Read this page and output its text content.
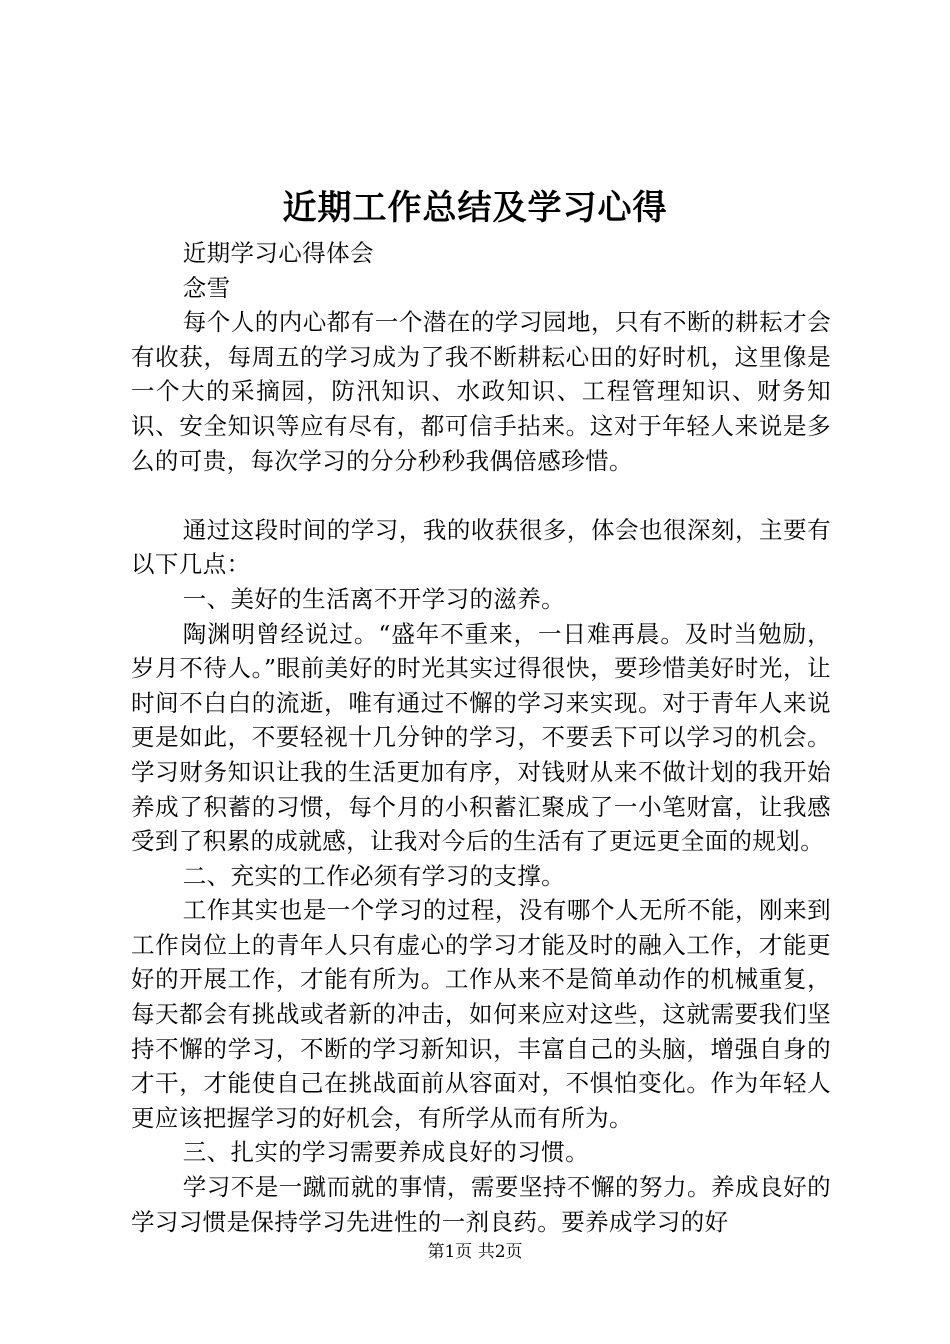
近期工作总结及学习心得

近期学习心得体会

念雪

每个人的内心都有一个潜在的学习园地，只有不断的耕耘才会有收获，每周五的学习成为了我不断耕耘心田的好时机，这里像是一个大的采摘园，防汛知识、水政知识、工程管理知识、财务知识、安全知识等应有尽有，都可信手拈来。这对于年轻人来说是多么的可贵，每次学习的分分秒秒我偶倍感珍惜。

通过这段时间的学习，我的收获很多，体会也很深刻，主要有以下几点：

一、美好的生活离不开学习的滋养。

陶渊明曾经说过。“盛年不重来，一日难再晨。及时当勉励，岁月不待人。”眼前美好的时光其实过得很快，要珍惜美好时光，让时间不白白的流逝，唯有通过不懈的学习来实现。对于青年人来说更是如此，不要轻视十几分钟的学习，不要丢下可以学习的机会。学习财务知识让我的生活更加有序，对钱财从来不做计划的我开始养成了积蓄的习惯，每个月的小积蓄汇聚成了一小笔财富，让我感受到了积累的成就感，让我对今后的生活有了更远更全面的规划。

二、充实的工作必须有学习的支撑。

工作其实也是一个学习的过程，没有哪个人无所不能，刚来到工作岗位上的青年人只有虚心的学习才能及时的融入工作，才能更好的开展工作，才能有所为。工作从来不是简单动作的机械重复，每天都会有挑战或者新的冲击，如何来应对这些，这就需要我们坚持不懈的学习，不断的学习新知识，丰富自己的头脑，增强自身的才干，才能使自己在挑战面前从容面对，不惧怕变化。作为年轻人更应该把握学习的好机会，有所学从而有所为。

三、扎实的学习需要养成良好的习惯。

学习不是一蹴而就的事情，需要坚持不懈的努力。养成良好的学习习惯是保持学习先进性的一剂良药。要养成学习的好

第1页 共2页
